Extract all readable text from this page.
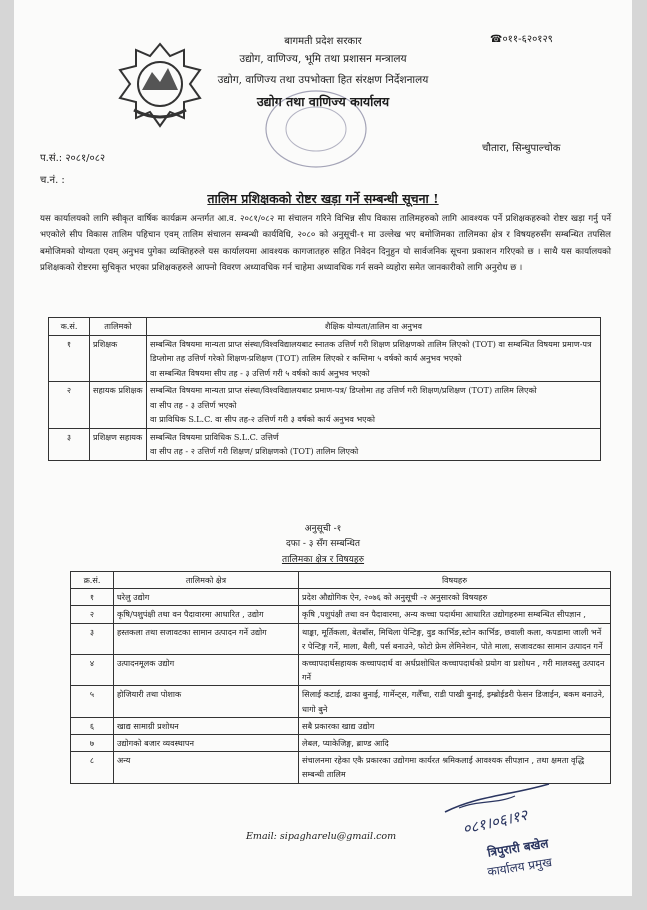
बागमती प्रदेश सरकार
उद्योग, वाणिज्य, भूमि तथा प्रशासन मन्त्रालय
उद्योग, वाणिज्य तथा उपभोक्ता हित संरक्षण निर्देशनालय
उद्योग तथा वाणिज्य कार्यालय
☎०११-६२०१२९
चौतारा, सिन्धुपाल्चोक
प.सं.: २०८१/०८२
च.नं. :
तालिम प्रशिक्षकको रोष्टर खड़ा गर्ने सम्बन्धी सूचना !
यस कार्यालयको लागि स्वीकृत वार्षिक कार्यक्रम अन्तर्गत आ.व. २०८१/०८२ मा संचालन गरिने विभिन्न सीप विकास तालिमहरुको लागि आवश्यक पर्ने प्रशिक्षकहरुको रोष्टर खड़ा गर्नु पर्ने भएकोले सीप विकास तालिम पहिचान एवम् तालिम संचालन सम्बन्धी कार्यविधि, २०८० को अनुसूची-१ मा उल्लेख भए बमोजिमका तालिमका क्षेत्र र विषयहरुसँग सम्बन्धित तपसिल बमोजिमको योग्यता एवम् अनुभव पुगेका व्यक्तिहरुले यस कार्यालयमा आवश्यक कागजातहरु सहित निवेदन दिनुहुन यो सार्वजनिक सूचना प्रकाशन गरिएको छ । साथै यस कार्यालयको प्रशिक्षकको रोष्टरमा सुचिकृत भएका प्रशिक्षकहरुले आफ्नो विवरण अध्यावधिक गर्न चाहेमा अध्यावधिक गर्न सक्ने व्यहोरा समेत जानकारीको लागि अनुरोध छ ।
क.सं.	तालिमको	शैक्षिक योग्यता/तालिम वा अनुभव
१	प्रशिक्षक	सम्बन्धित विषयमा मान्यता प्राप्त संस्था/विश्वविद्यालयबाट स्नातक उत्तिर्ण गरी शिक्षण प्रशिक्षणको तालिम लिएको (TOT) वा सम्बन्धित विषयमा प्रमाण-पत्र
डिप्लोमा तह उत्तिर्ण गरेको शिक्षण-प्रशिक्षण (TOT) तालिम लिएको र कम्तिमा ५ वर्षको कार्य अनुभव भएको
वा सम्बन्धित विषयमा सीप तह - ३ उत्तिर्ण गरी ५ वर्षको कार्य अनुभव भएको

२	सहायक प्रशिक्षक	सम्बन्धित विषयमा मान्यता प्राप्त संस्था/विश्वविद्यालयबाट प्रमाण-पत्र/ डिप्लोमा तह उत्तिर्ण गरी शिक्षण/प्रशिक्षण (TOT) तालिम लिएको
वा सीप तह - ३ उत्तिर्ण भएको
वा प्राविधिक S.L.C. वा सीप तह-२ उत्तिर्ण गरी ३ वर्षको कार्य अनुभव भएको

३	प्रशिक्षण सहायक	सम्बन्धित विषयमा प्राविधिक S.L.C. उत्तिर्ण
वा सीप तह - २ उत्तिर्ण गरी शिक्षण/ प्रशिक्षणको (TOT) तालिम लिएको
अनुसूची -१
दफा - ३ सँग सम्बन्धित
तालिमका क्षेत्र र विषयहरु
क्र.सं.	तालिमको क्षेत्र	विषयहरु
१	घरेलु उद्योग	प्रदेश औद्योगिक ऐन, २०७६ को अनुसूची -२ अनुसारको विषयहरु
२	कृषि/पशुपंक्षी तथा वन पैदावारमा आधारित , उद्योग	कृषि ,पशुपंक्षी तथा वन पैदावारमा, अन्य कच्चा पदार्थमा आधारित उद्योगहरुमा सम्बन्धित सीपज्ञान ,
३	हस्तकला तथा सजावटका सामान उत्पादन गर्ने उद्योग	थाङ्का, मूर्तिकला, बेतबाँस, मिथिला पेन्टिङ्ग, वुड कार्भिङ,स्टोन कार्भिङ, छवाली कला, कपडामा जाली भर्ने र पेन्टिङ्ग गर्ने, माला, बैली, पर्स बनाउने, फोटो फ्रेम लेमिनेशन, पोते माला, सजावटका सामान उत्पादन गर्ने
४	उत्पादनमूलक उद्योग	कच्चापदार्थसहायक कच्चापदार्थ वा अर्धप्रशोधित कच्चापदार्थको प्रयोग वा प्रशोधन , गरी मालवस्तु उत्पादन गर्ने
५	होजियारी तथा पोशाक	सिलाई कटाई, ढाका बुनाई, गार्मेन्ट्स, गलैँचा, राडी पाखी बुनाई, इम्ब्रोईडरी फेसन डिजाईन, बकम बनाउने, धागो बुने
६	खाद्य सामाग्री प्रशोधन	सबै प्रकारका खाद्य उद्योग
७	उद्योगको बजार व्यवस्थापन	लेबल, प्याकेजिङ्ग, ब्राण्ड आदि
८	अन्य	संचालनमा रहेका एकै प्रकारका उद्योगमा कार्यरत श्रमिकलाई आवश्यक सीपज्ञान , तथा क्षमता वृद्धि सम्बन्धी तालिम
Email: sipagharelu@gmail.com	०८१।०६।१२
त्रिपुरारी बखेल
कार्यालय प्रमुख
